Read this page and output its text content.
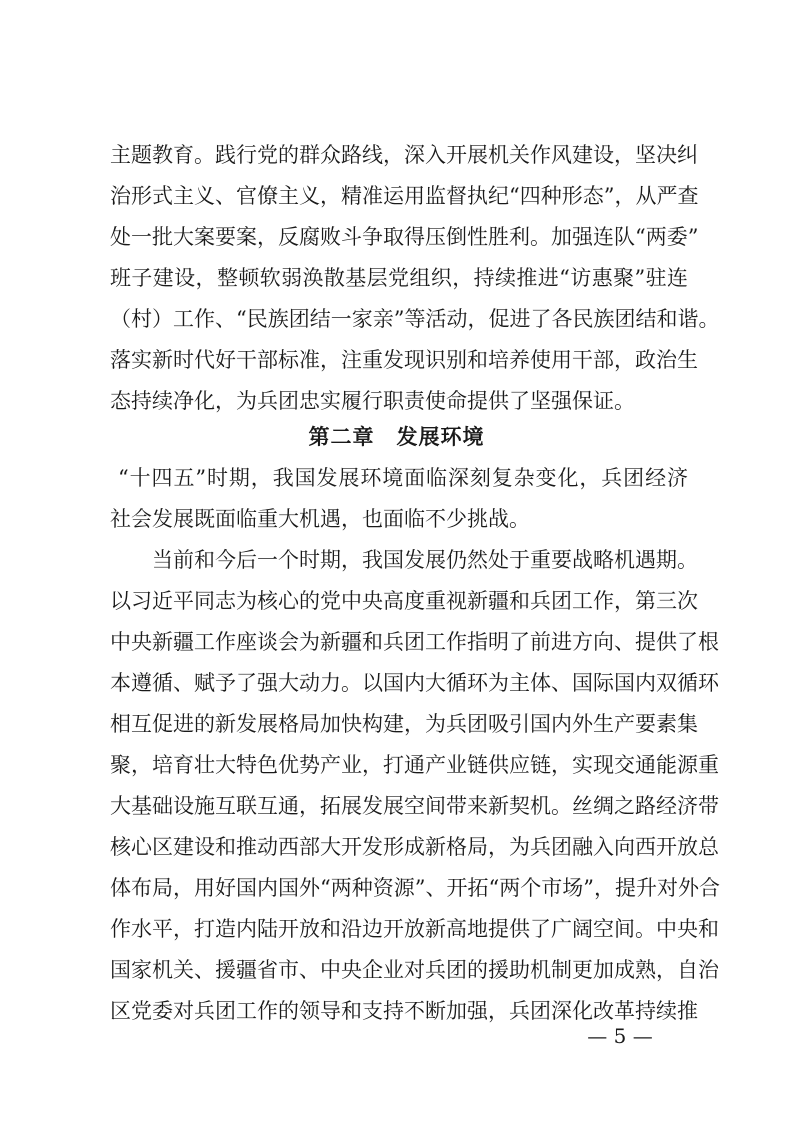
主题教育。践行党的群众路线，深入开展机关作风建设，坚决纠
治形式主义、官僚主义，精准运用监督执纪“四种形态”，从严查
处一批大案要案，反腐败斗争取得压倒性胜利。加强连队“两委”
班子建设，整顿软弱涣散基层党组织，持续推进“访惠聚”驻连
（村）工作、“民族团结一家亲”等活动，促进了各民族团结和谐。
落实新时代好干部标准，注重发现识别和培养使用干部，政治生
态持续净化，为兵团忠实履行职责使命提供了坚强保证。
第二章　发展环境
“十四五”时期，我国发展环境面临深刻复杂变化，兵团经济
社会发展既面临重大机遇，也面临不少挑战。
当前和今后一个时期，我国发展仍然处于重要战略机遇期。
以习近平同志为核心的党中央高度重视新疆和兵团工作，第三次
中央新疆工作座谈会为新疆和兵团工作指明了前进方向、提供了根
本遵循、赋予了强大动力。以国内大循环为主体、国际国内双循环
相互促进的新发展格局加快构建，为兵团吸引国内外生产要素集
聚，培育壮大特色优势产业，打通产业链供应链，实现交通能源重
大基础设施互联互通，拓展发展空间带来新契机。丝绸之路经济带
核心区建设和推动西部大开发形成新格局，为兵团融入向西开放总
体布局，用好国内国外“两种资源”、开拓“两个市场”，提升对外合
作水平，打造内陆开放和沿边开放新高地提供了广阔空间。中央和
国家机关、援疆省市、中央企业对兵团的援助机制更加成熟，自治
区党委对兵团工作的领导和支持不断加强，兵团深化改革持续推
— 5 —
